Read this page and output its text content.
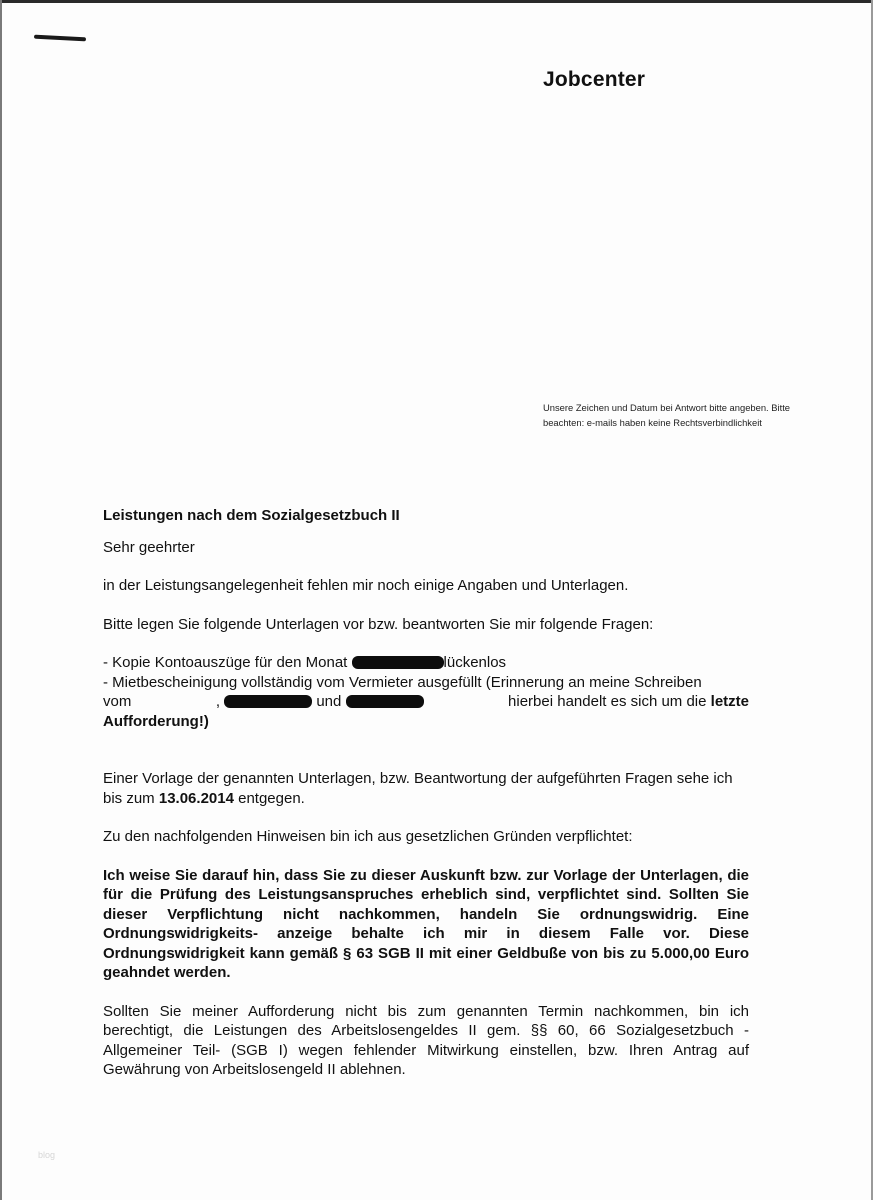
Jobcenter
Unsere Zeichen und Datum bei Antwort bitte angeben. Bitte beachten: e-mails haben keine Rechtsverbindlichkeit

Leistungen nach dem Sozialgesetzbuch II

Sehr geehrter

in der Leistungsangelegenheit fehlen mir noch einige Angaben und Unterlagen.

Bitte legen Sie folgende Unterlagen vor bzw. beantworten Sie mir folgende Fragen:

- Kopie Kontoauszüge für den Monat	lückenlos

- Mietbescheinigung vollständig vom Vermieter ausgefüllt (Erinnerung an meine Schreiben

vom	,	und	hierbei handelt es sich um die letzte

Aufforderung!)

Einer Vorlage der genannten Unterlagen, bzw. Beantwortung der aufgeführten Fragen sehe ich bis zum 13.06.2014 entgegen.

Zu den nachfolgenden Hinweisen bin ich aus gesetzlichen Gründen verpflichtet:

Ich weise Sie darauf hin, dass Sie zu dieser Auskunft bzw. zur Vorlage der Unterlagen, die für die Prüfung des Leistungsanspruches erheblich sind, verpflichtet sind. Sollten Sie dieser Verpflichtung nicht nachkommen, handeln Sie ordnungswidrig. Eine Ordnungswidrigkeits- anzeige behalte ich mir in diesem Falle vor. Diese Ordnungswidrigkeit kann gemäß § 63 SGB II mit einer Geldbuße von bis zu 5.000,00 Euro geahndet werden.

Sollten Sie meiner Aufforderung nicht bis zum genannten Termin nachkommen, bin ich berechtigt, die Leistungen des Arbeitslosengeldes II gem. §§ 60, 66 Sozialgesetzbuch -Allgemeiner Teil- (SGB I) wegen fehlender Mitwirkung einstellen, bzw. Ihren Antrag auf Gewährung von Arbeitslosengeld II ablehnen.

blog
